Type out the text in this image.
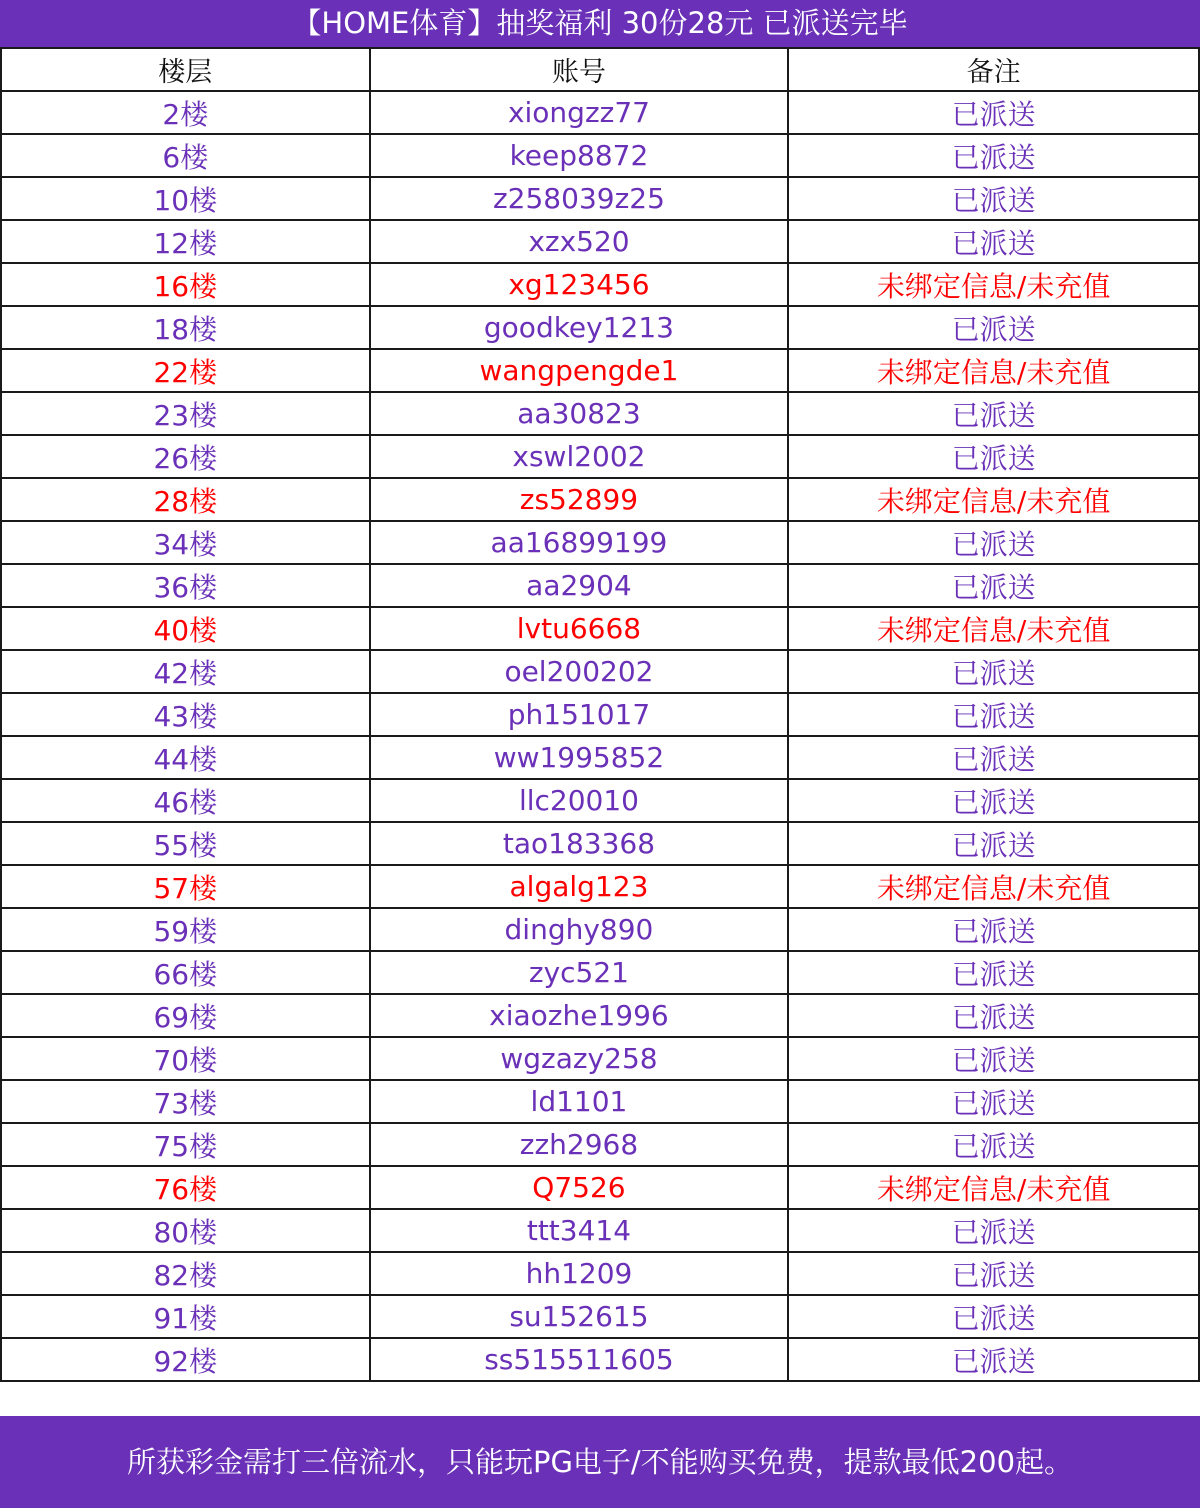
【HOME体育】抽奖福利 30份28元 已派送完毕
楼层	账号	备注
2楼	xiongzz77	已派送
6楼	keep8872	已派送
10楼	z258039z25	已派送
12楼	xzx520	已派送
16楼	xg123456	未绑定信息/未充值
18楼	goodkey1213	已派送
22楼	wangpengde1	未绑定信息/未充值
23楼	aa30823	已派送
26楼	xswl2002	已派送
28楼	zs52899	未绑定信息/未充值
34楼	aa16899199	已派送
36楼	aa2904	已派送
40楼	lvtu6668	未绑定信息/未充值
42楼	oel200202	已派送
43楼	ph151017	已派送
44楼	ww1995852	已派送
46楼	llc20010	已派送
55楼	tao183368	已派送
57楼	algalg123	未绑定信息/未充值
59楼	dinghy890	已派送
66楼	zyc521	已派送
69楼	xiaozhe1996	已派送
70楼	wgzazy258	已派送
73楼	ld1101	已派送
75楼	zzh2968	已派送
76楼	Q7526	未绑定信息/未充值
80楼	ttt3414	已派送
82楼	hh1209	已派送
91楼	su152615	已派送
92楼	ss515511605	已派送
所获彩金需打三倍流水，只能玩PG电子/不能购买免费，提款最低200起。
